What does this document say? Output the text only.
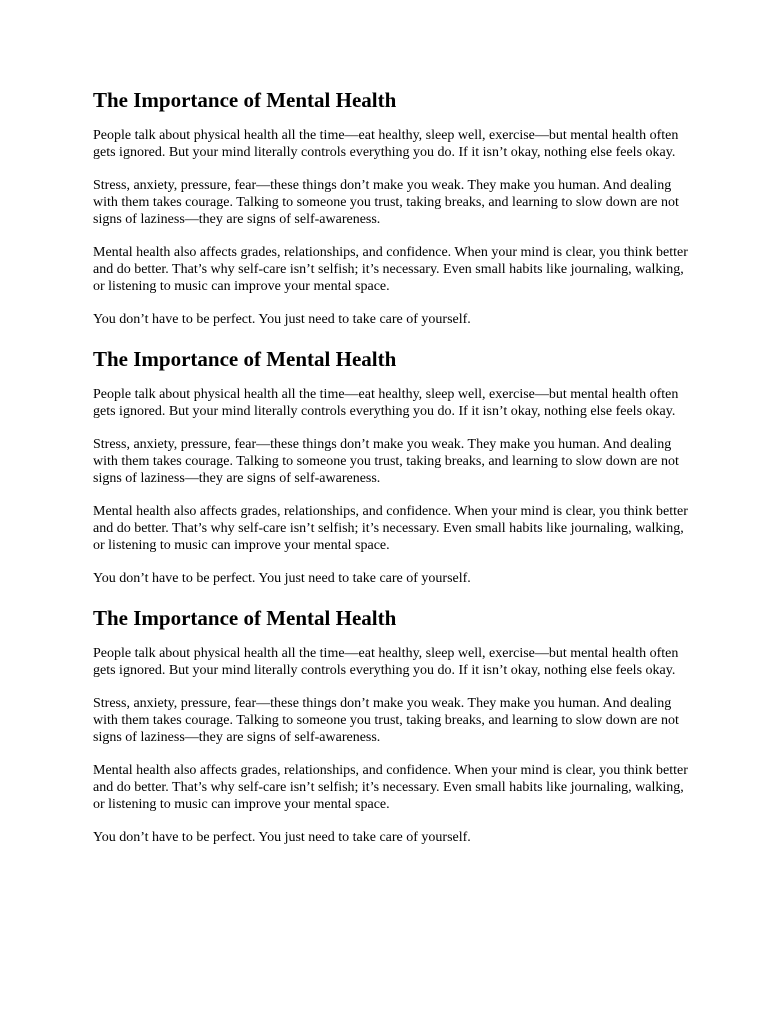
The Importance of Mental Health

People talk about physical health all the time—eat healthy, sleep well, exercise—but mental health often gets ignored. But your mind literally controls everything you do. If it isn’t okay, nothing else feels okay.

Stress, anxiety, pressure, fear—these things don’t make you weak. They make you human. And dealing with them takes courage. Talking to someone you trust, taking breaks, and learning to slow down are not signs of laziness—they are signs of self-awareness.

Mental health also affects grades, relationships, and confidence. When your mind is clear, you think better and do better. That’s why self-care isn’t selfish; it’s necessary. Even small habits like journaling, walking, or listening to music can improve your mental space.

You don’t have to be perfect. You just need to take care of yourself.

The Importance of Mental Health

People talk about physical health all the time—eat healthy, sleep well, exercise—but mental health often gets ignored. But your mind literally controls everything you do. If it isn’t okay, nothing else feels okay.

Stress, anxiety, pressure, fear—these things don’t make you weak. They make you human. And dealing with them takes courage. Talking to someone you trust, taking breaks, and learning to slow down are not signs of laziness—they are signs of self-awareness.

Mental health also affects grades, relationships, and confidence. When your mind is clear, you think better and do better. That’s why self-care isn’t selfish; it’s necessary. Even small habits like journaling, walking, or listening to music can improve your mental space.

You don’t have to be perfect. You just need to take care of yourself.

The Importance of Mental Health

People talk about physical health all the time—eat healthy, sleep well, exercise—but mental health often gets ignored. But your mind literally controls everything you do. If it isn’t okay, nothing else feels okay.

Stress, anxiety, pressure, fear—these things don’t make you weak. They make you human. And dealing with them takes courage. Talking to someone you trust, taking breaks, and learning to slow down are not signs of laziness—they are signs of self-awareness.

Mental health also affects grades, relationships, and confidence. When your mind is clear, you think better and do better. That’s why self-care isn’t selfish; it’s necessary. Even small habits like journaling, walking, or listening to music can improve your mental space.

You don’t have to be perfect. You just need to take care of yourself.
